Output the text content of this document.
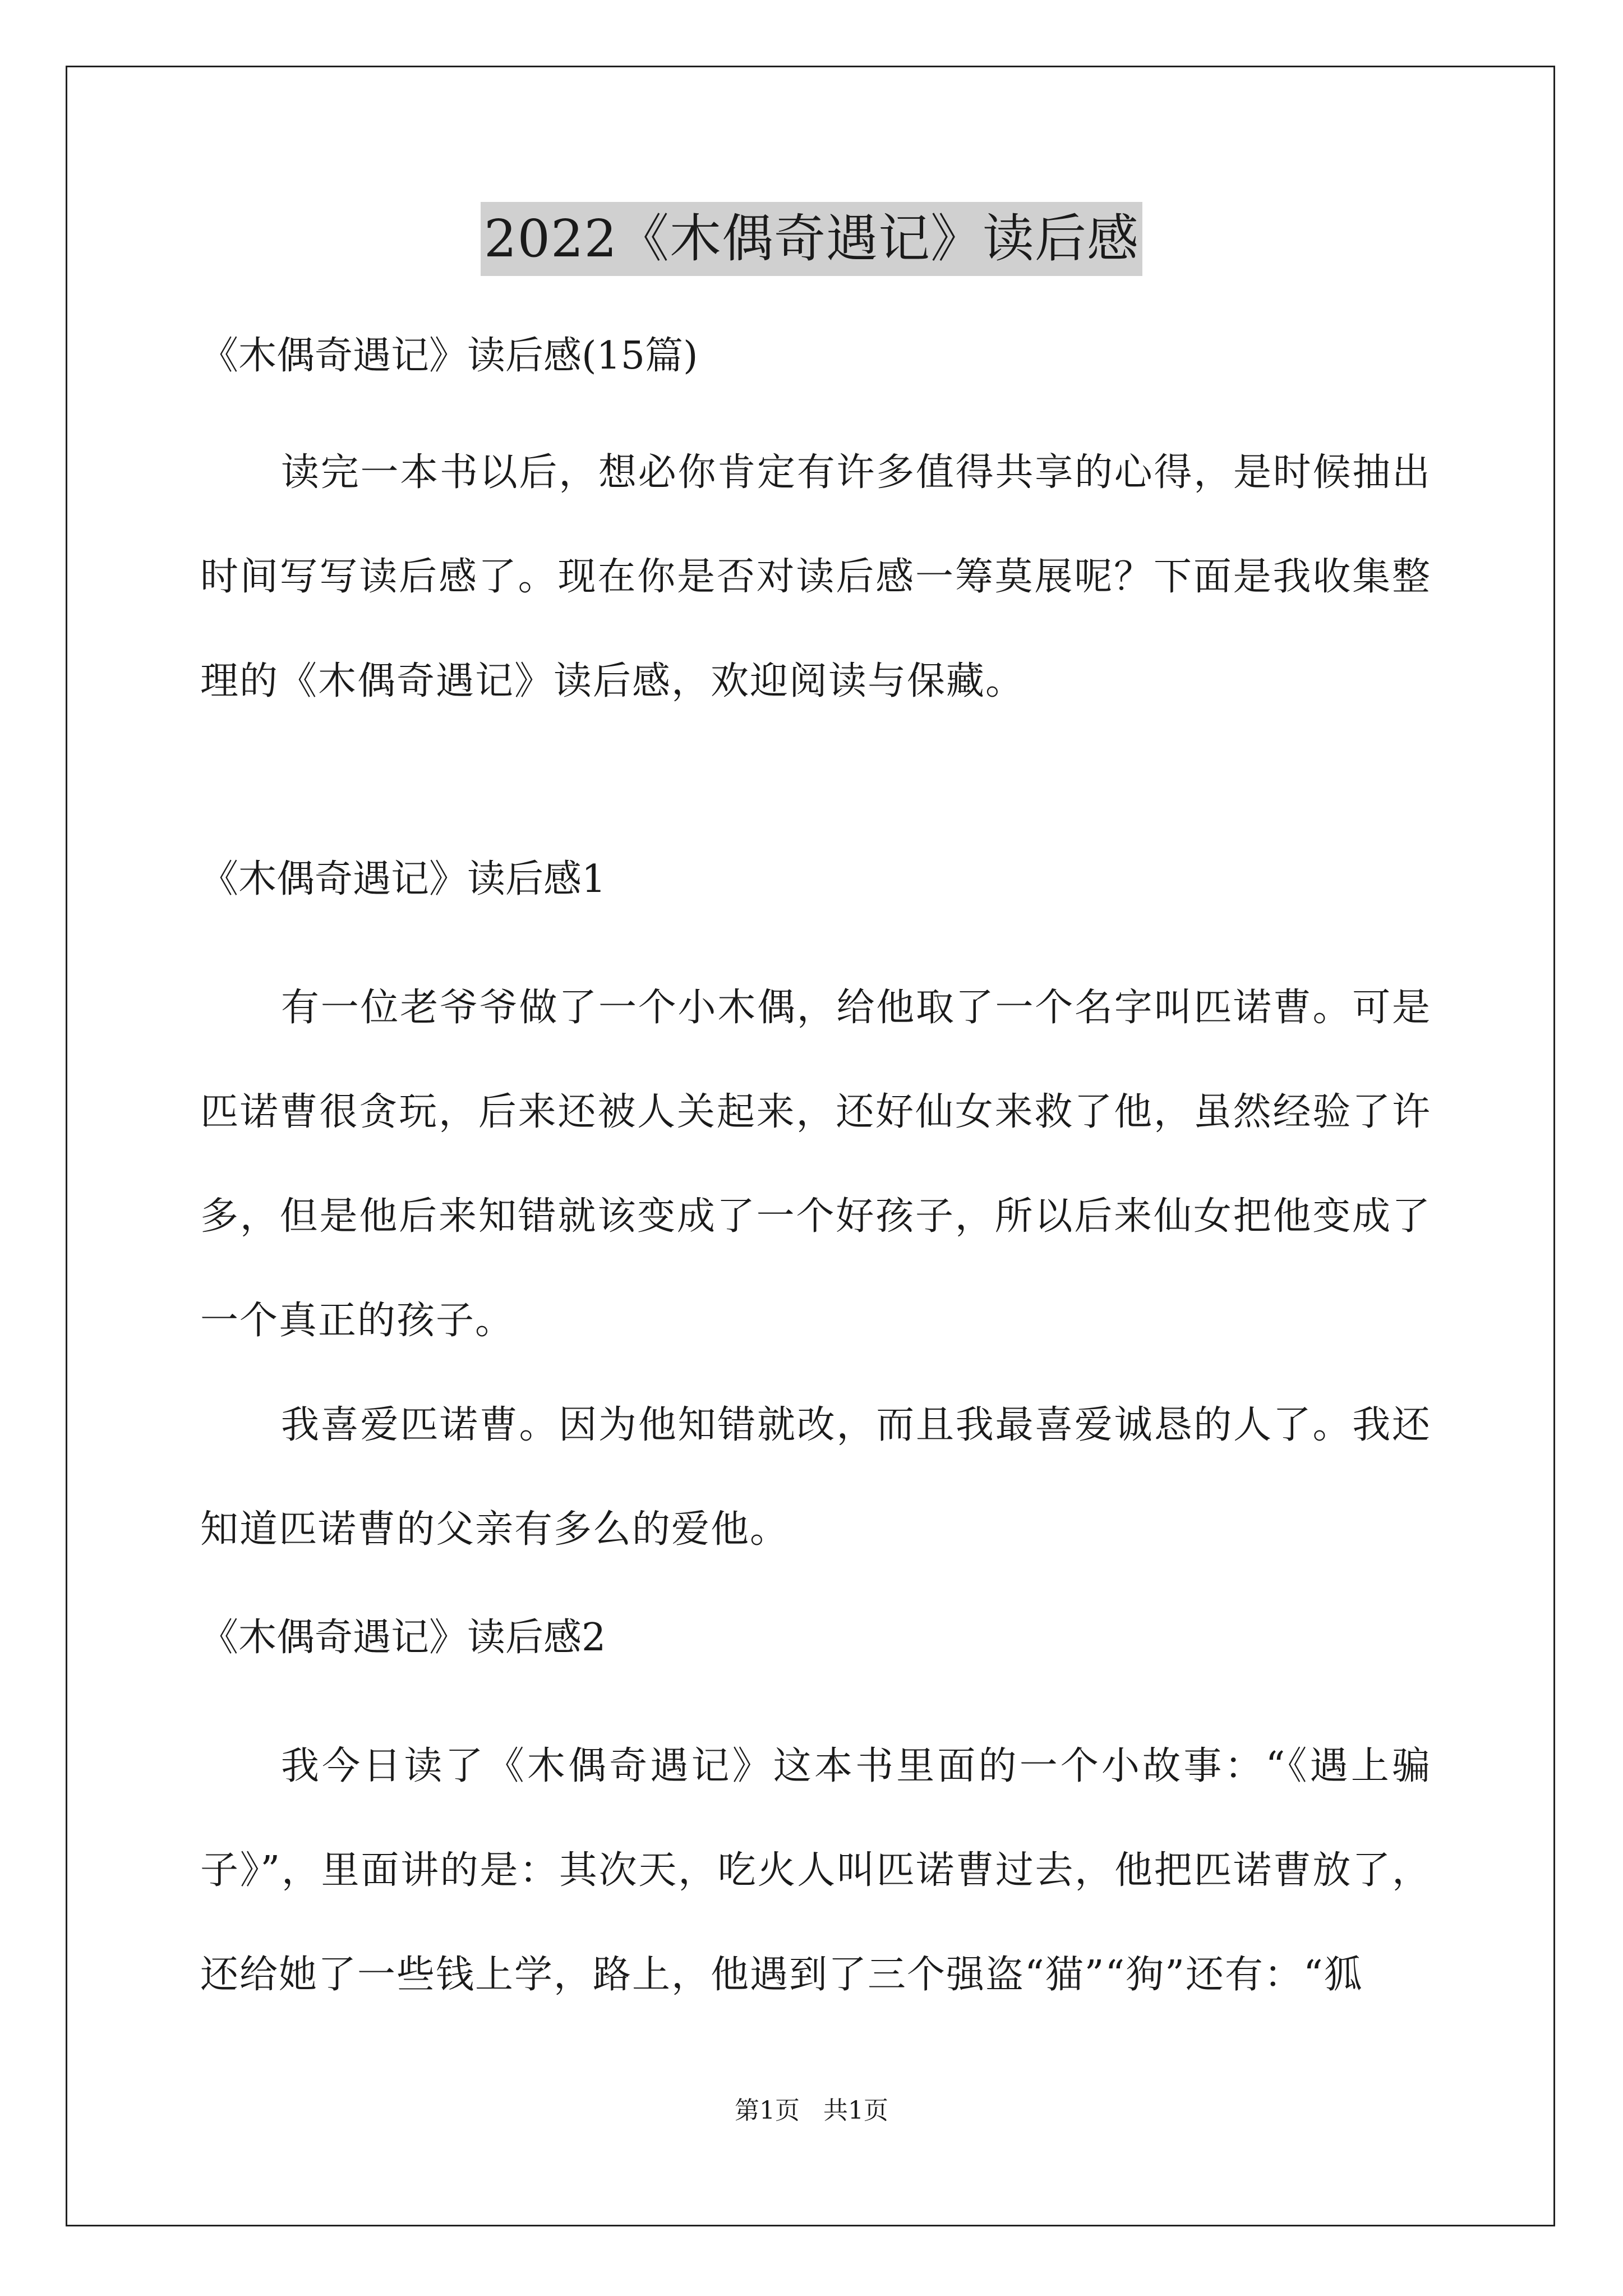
2022《木偶奇遇记》读后感

《木偶奇遇记》读后感(15篇)

读完一本书以后，想必你肯定有许多值得共享的心得，是时候抽出时间写写读后感了。现在你是否对读后感一筹莫展呢？下面是我收集整理的《木偶奇遇记》读后感，欢迎阅读与保藏。

《木偶奇遇记》读后感1

有一位老爷爷做了一个小木偶，给他取了一个名字叫匹诺曹。可是匹诺曹很贪玩，后来还被人关起来，还好仙女来救了他，虽然经验了许多，但是他后来知错就该变成了一个好孩子，所以后来仙女把他变成了一个真正的孩子。

我喜爱匹诺曹。因为他知错就改，而且我最喜爱诚恳的人了。我还知道匹诺曹的父亲有多么的爱他。

《木偶奇遇记》读后感2

我今日读了《木偶奇遇记》这本书里面的一个小故事：“《遇上骗子》”，里面讲的是：其次天，吃火人叫匹诺曹过去，他把匹诺曹放了，还给她了一些钱上学，路上，他遇到了三个强盗“猫”“狗”还有：“狐

第1页 共1页
